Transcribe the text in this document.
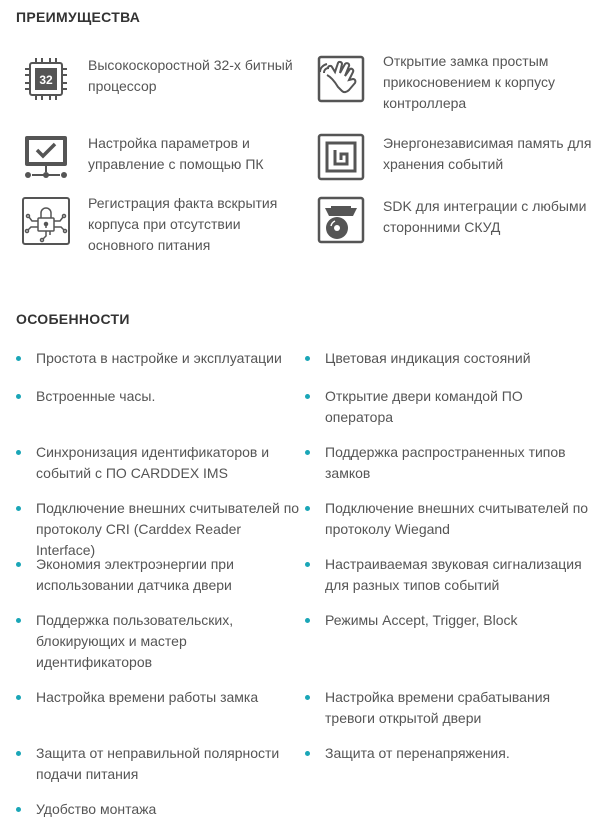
ПРЕИМУЩЕСТВА
32
Высокоскоростной 32-х битный процессор
Открытие замка простым прикосновением к корпусу контроллера
Настройка параметров и управление с помощью ПК
Энергонезависимая память для хранения событий
Регистрация факта вскрытия корпуса при отсутствии основного питания
SDK для интеграции с любыми сторонними СКУД
ОСОБЕННОСТИ
Простота в настройке и эксплуатации	Цветовая индикация состояний
Встроенные часы.	Открытие двери командой ПО оператора
Синхронизация идентификаторов и событий с ПО CARDDEX IMS
Поддержка распространенных типов замков
Подключение внешних считывателей по протоколу CRI (Carddex Reader Interface)
Подключение внешних считывателей по протоколу Wiegand
Экономия электроэнергии при использовании датчика двери
Настраиваемая звуковая сигнализация для разных типов событий
Поддержка пользовательских, блокирующих и мастер идентификаторов
Режимы Accept, Trigger, Block
Настройка времени работы замка	Настройка времени срабатывания тревоги открытой двери
Защита от неправильной полярности подачи питания
Защита от перенапряжения.
Удобство монтажа
